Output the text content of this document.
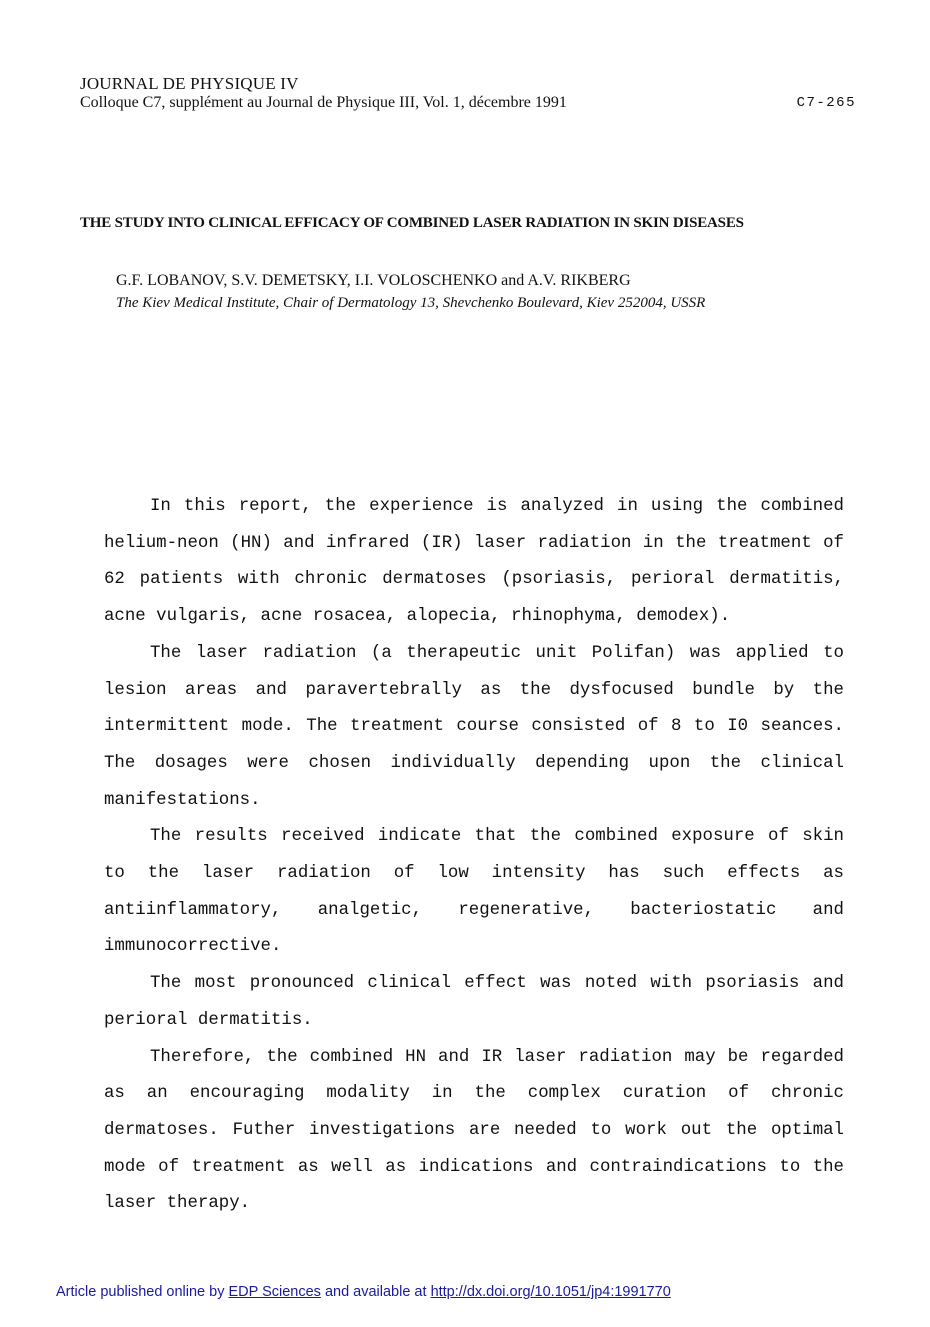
JOURNAL DE PHYSIQUE IV
Colloque C7, supplément au Journal de Physique III, Vol. 1, décembre 1991	C7-265
THE STUDY INTO CLINICAL EFFICACY OF COMBINED LASER RADIATION IN SKIN DISEASES
G.F. LOBANOV, S.V. DEMETSKY, I.I. VOLOSCHENKO and A.V. RIKBERG
The Kiev Medical Institute, Chair of Dermatology 13, Shevchenko Boulevard, Kiev 252004, USSR

In this report, the experience is analyzed in using the combined helium-neon (HN) and infrared (IR) laser radiation in the treatment of 62 patients with chronic dermatoses (psoriasis, perioral dermatitis, acne vulgaris, acne rosacea, alopecia, rhinophyma, demodex).

The laser radiation (a therapeutic unit Polifan) was applied to lesion areas and paravertebrally as the dysfocused bundle by the intermittent mode. The treatment course consisted of 8 to I0 seances. The dosages were chosen individually depending upon the clinical manifestations.

The results received indicate that the combined exposure of skin to the laser radiation of low intensity has such effects as antiinflammatory, analgetic, regenerative, bacteriostatic and immunocorrective.

The most pronounced clinical effect was noted with psoriasis and perioral dermatitis.

Therefore, the combined HN and IR laser radiation may be regarded as an encouraging modality in the complex curation of chronic dermatoses. Futher investigations are needed to work out the optimal mode of treatment as well as indications and contraindications to the laser therapy.

Article published online by EDP Sciences and available at http://dx.doi.org/10.1051/jp4:1991770
